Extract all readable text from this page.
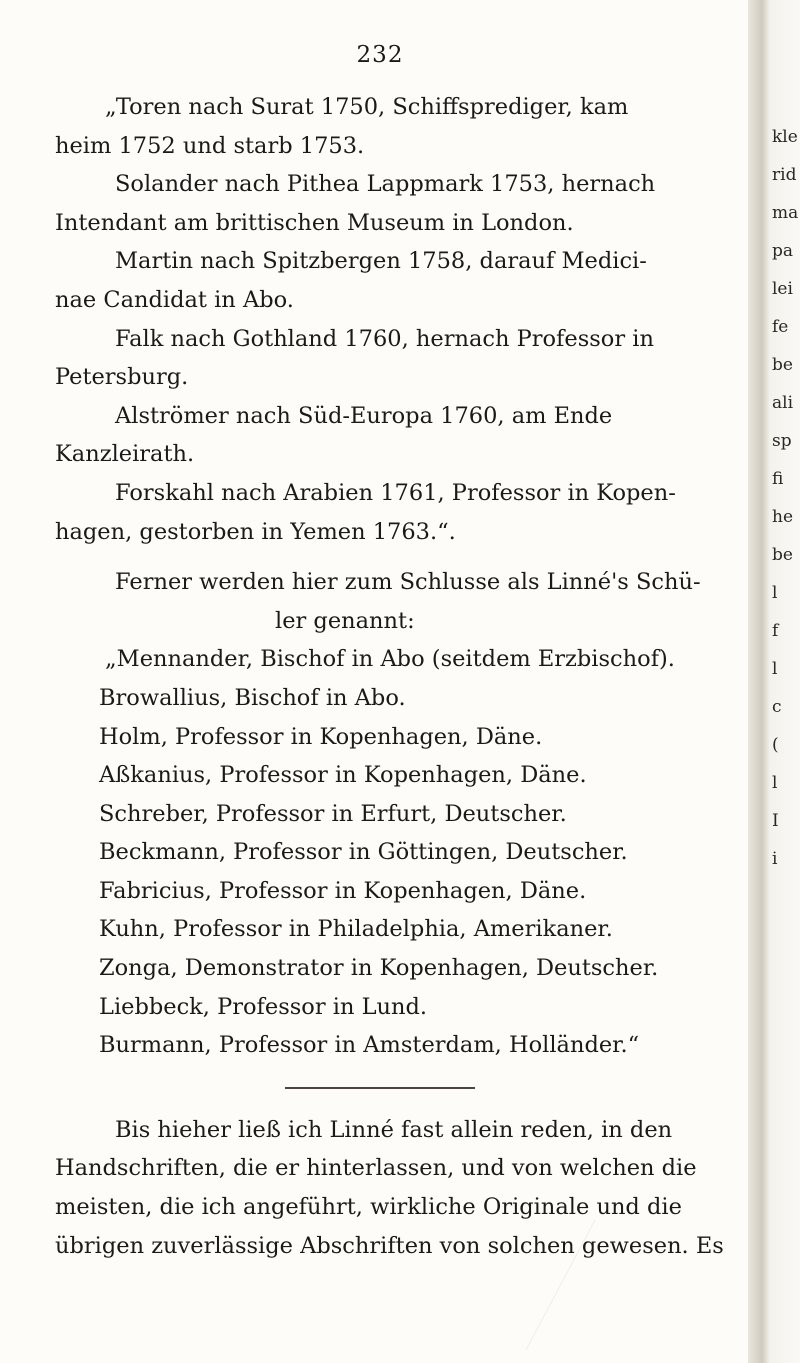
kle
rid
ma
pa
lei
fe
be
ali
sp
fi
he
be
l
f
l
c
(
l
I
i
232
„Toren nach Surat 1750, Schiffsprediger, kam
heim 1752 und starb 1753.
Solander nach Pithea Lappmark 1753, hernach
Intendant am brittischen Museum in London.
Martin nach Spitzbergen 1758, darauf Medici-
nae Candidat in Abo.
Falk nach Gothland 1760, hernach Professor in
Petersburg.
Alströmer nach Süd-Europa 1760, am Ende
Kanzleirath.
Forskahl nach Arabien 1761, Professor in Kopen-
hagen, gestorben in Yemen 1763.“.
Ferner werden hier zum Schlusse als Linné's Schü-
ler genannt:
„Mennander, Bischof in Abo (seitdem Erzbischof).
Browallius, Bischof in Abo.
Holm, Professor in Kopenhagen, Däne.
Aßkanius, Professor in Kopenhagen, Däne.
Schreber, Professor in Erfurt, Deutscher.
Beckmann, Professor in Göttingen, Deutscher.
Fabricius, Professor in Kopenhagen, Däne.
Kuhn, Professor in Philadelphia, Amerikaner.
Zonga, Demonstrator in Kopenhagen, Deutscher.
Liebbeck, Professor in Lund.
Burmann, Professor in Amsterdam, Holländer.“
Bis hieher ließ ich Linné fast allein reden, in den
Handschriften, die er hinterlassen, und von welchen die
meisten, die ich angeführt, wirkliche Originale und die
übrigen zuverlässige Abschriften von solchen gewesen. Es
